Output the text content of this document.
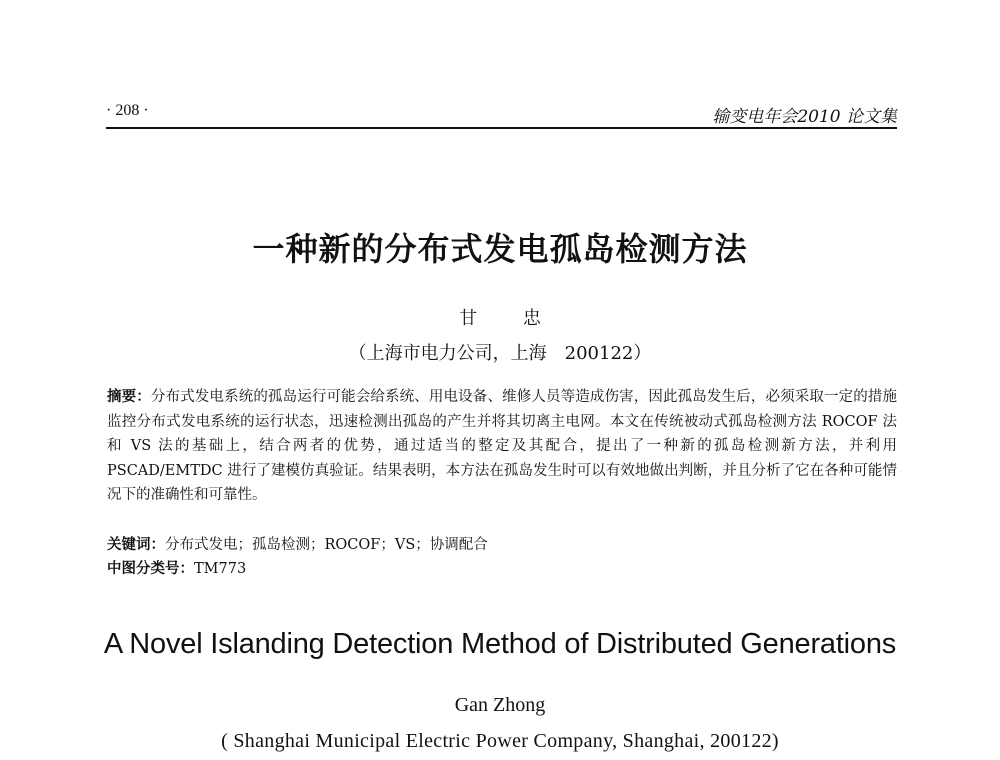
· 208 ·	输变电年会2010 论文集
一种新的分布式发电孤岛检测方法
甘 忠
（上海市电力公司，上海　200122）
摘要：分布式发电系统的孤岛运行可能会给系统、用电设备、维修人员等造成伤害，因此孤岛发生后，必须采取一定的措施监控分布式发电系统的运行状态，迅速检测出孤岛的产生并将其切离主电网。本文在传统被动式孤岛检测方法 ROCOF 法和 VS 法的基础上，结合两者的优势，通过适当的整定及其配合，提出了一种新的孤岛检测新方法，并利用 PSCAD/EMTDC 进行了建模仿真验证。结果表明，本方法在孤岛发生时可以有效地做出判断，并且分析了它在各种可能情况下的准确性和可靠性。
关键词：分布式发电；孤岛检测；ROCOF；VS；协调配合
中图分类号：TM773
A Novel Islanding Detection Method of Distributed Generations
Gan Zhong
( Shanghai Municipal Electric Power Company, Shanghai, 200122)
